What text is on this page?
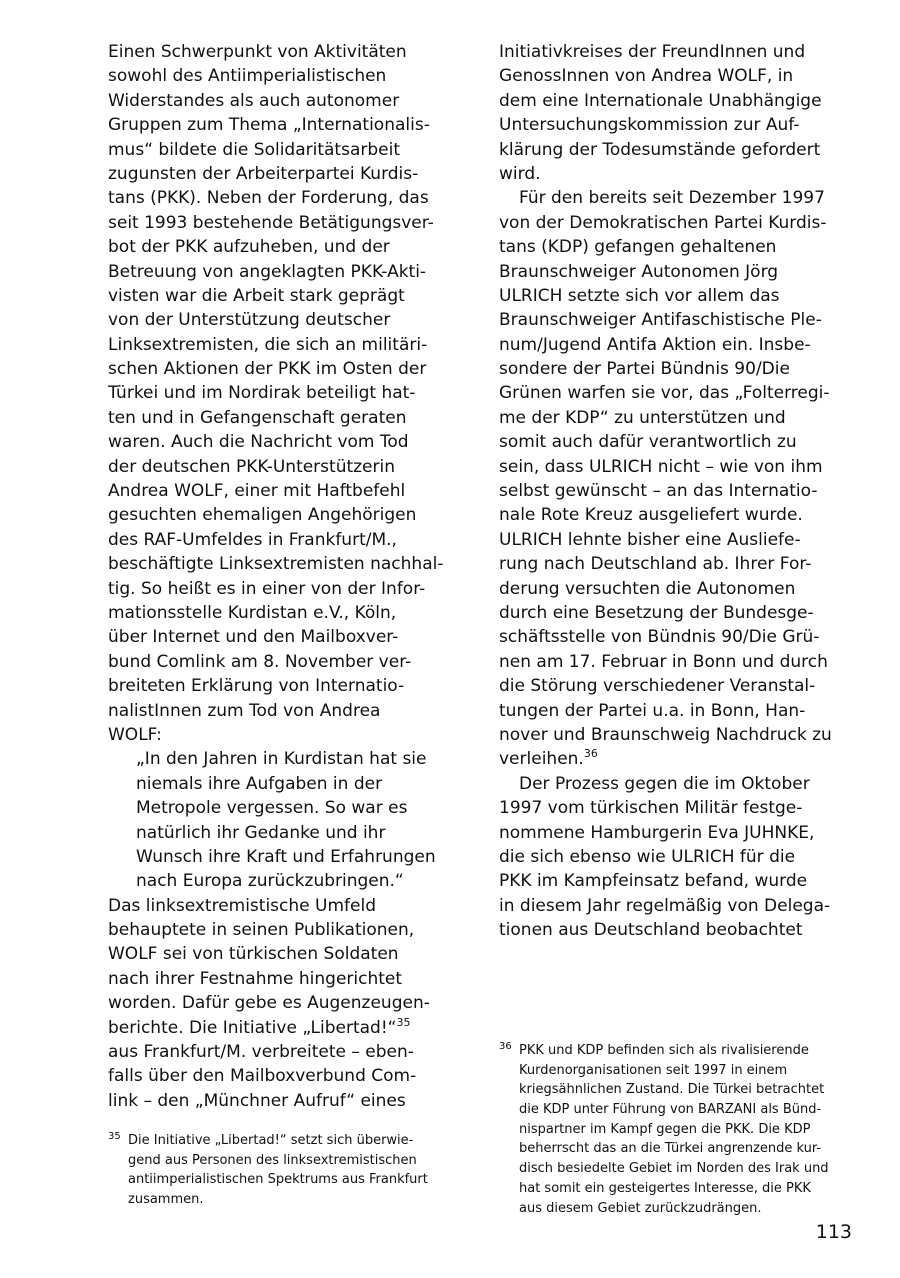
Einen Schwerpunkt von Aktivitäten
sowohl des Antiimperialistischen
Widerstandes als auch autonomer
Gruppen zum Thema „Internationalis-
mus“ bildete die Solidaritätsarbeit
zugunsten der Arbeiterpartei Kurdis-
tans (PKK). Neben der Forderung, das
seit 1993 bestehende Betätigungsver-
bot der PKK aufzuheben, und der
Betreuung von angeklagten PKK-Akti-
visten war die Arbeit stark geprägt
von der Unterstützung deutscher
Linksextremisten, die sich an militäri-
schen Aktionen der PKK im Osten der
Türkei und im Nordirak beteiligt hat-
ten und in Gefangenschaft geraten
waren. Auch die Nachricht vom Tod
der deutschen PKK-Unterstützerin
Andrea WOLF, einer mit Haftbefehl
gesuchten ehemaligen Angehörigen
des RAF-Umfeldes in Frankfurt/M.,
beschäftigte Linksextremisten nachhal-
tig. So heißt es in einer von der Infor-
mationsstelle Kurdistan e.V., Köln,
über Internet und den Mailboxver-
bund Comlink am 8. November ver-
breiteten Erklärung von Internatio-
nalistInnen zum Tod von Andrea
WOLF:
„In den Jahren in Kurdistan hat sie
niemals ihre Aufgaben in der
Metropole vergessen. So war es
natürlich ihr Gedanke und ihr
Wunsch ihre Kraft und Erfahrungen
nach Europa zurückzubringen.“
Das linksextremistische Umfeld
behauptete in seinen Publikationen,
WOLF sei von türkischen Soldaten
nach ihrer Festnahme hingerichtet
worden. Dafür gebe es Augenzeugen-
berichte. Die Initiative „Libertad!“$^{35}$
aus Frankfurt/M. verbreitete – eben-
falls über den Mailboxverbund Com-
link – den „Münchner Aufruf“ eines
Initiativkreises der FreundInnen und
GenossInnen von Andrea WOLF, in
dem eine Internationale Unabhängige
Untersuchungskommission zur Auf-
klärung der Todesumstände gefordert
wird.
Für den bereits seit Dezember 1997
von der Demokratischen Partei Kurdis-
tans (KDP) gefangen gehaltenen
Braunschweiger Autonomen Jörg
ULRICH setzte sich vor allem das
Braunschweiger Antifaschistische Ple-
num/Jugend Antifa Aktion ein. Insbe-
sondere der Partei Bündnis 90/Die
Grünen warfen sie vor, das „Folterregi-
me der KDP“ zu unterstützen und
somit auch dafür verantwortlich zu
sein, dass ULRICH nicht – wie von ihm
selbst gewünscht – an das Internatio-
nale Rote Kreuz ausgeliefert wurde.
ULRICH lehnte bisher eine Ausliefe-
rung nach Deutschland ab. Ihrer For-
derung versuchten die Autonomen
durch eine Besetzung der Bundesge-
schäftsstelle von Bündnis 90/Die Grü-
nen am 17. Februar in Bonn und durch
die Störung verschiedener Veranstal-
tungen der Partei u.a. in Bonn, Han-
nover und Braunschweig Nachdruck zu
verleihen.$^{36}$
Der Prozess gegen die im Oktober
1997 vom türkischen Militär festge-
nommene Hamburgerin Eva JUHNKE,
die sich ebenso wie ULRICH für die
PKK im Kampfeinsatz befand, wurde
in diesem Jahr regelmäßig von Delega-
tionen aus Deutschland beobachtet
35 Die Initiative „Libertad!“ setzt sich überwie-
gend aus Personen des linksextremistischen
antiimperialistischen Spektrums aus Frankfurt
zusammen.
36 PKK und KDP befinden sich als rivalisierende
Kurdenorganisationen seit 1997 in einem
kriegsähnlichen Zustand. Die Türkei betrachtet
die KDP unter Führung von BARZANI als Bünd-
nispartner im Kampf gegen die PKK. Die KDP
beherrscht das an die Türkei angrenzende kur-
disch besiedelte Gebiet im Norden des Irak und
hat somit ein gesteigertes Interesse, die PKK
aus diesem Gebiet zurückzudrängen.
113
